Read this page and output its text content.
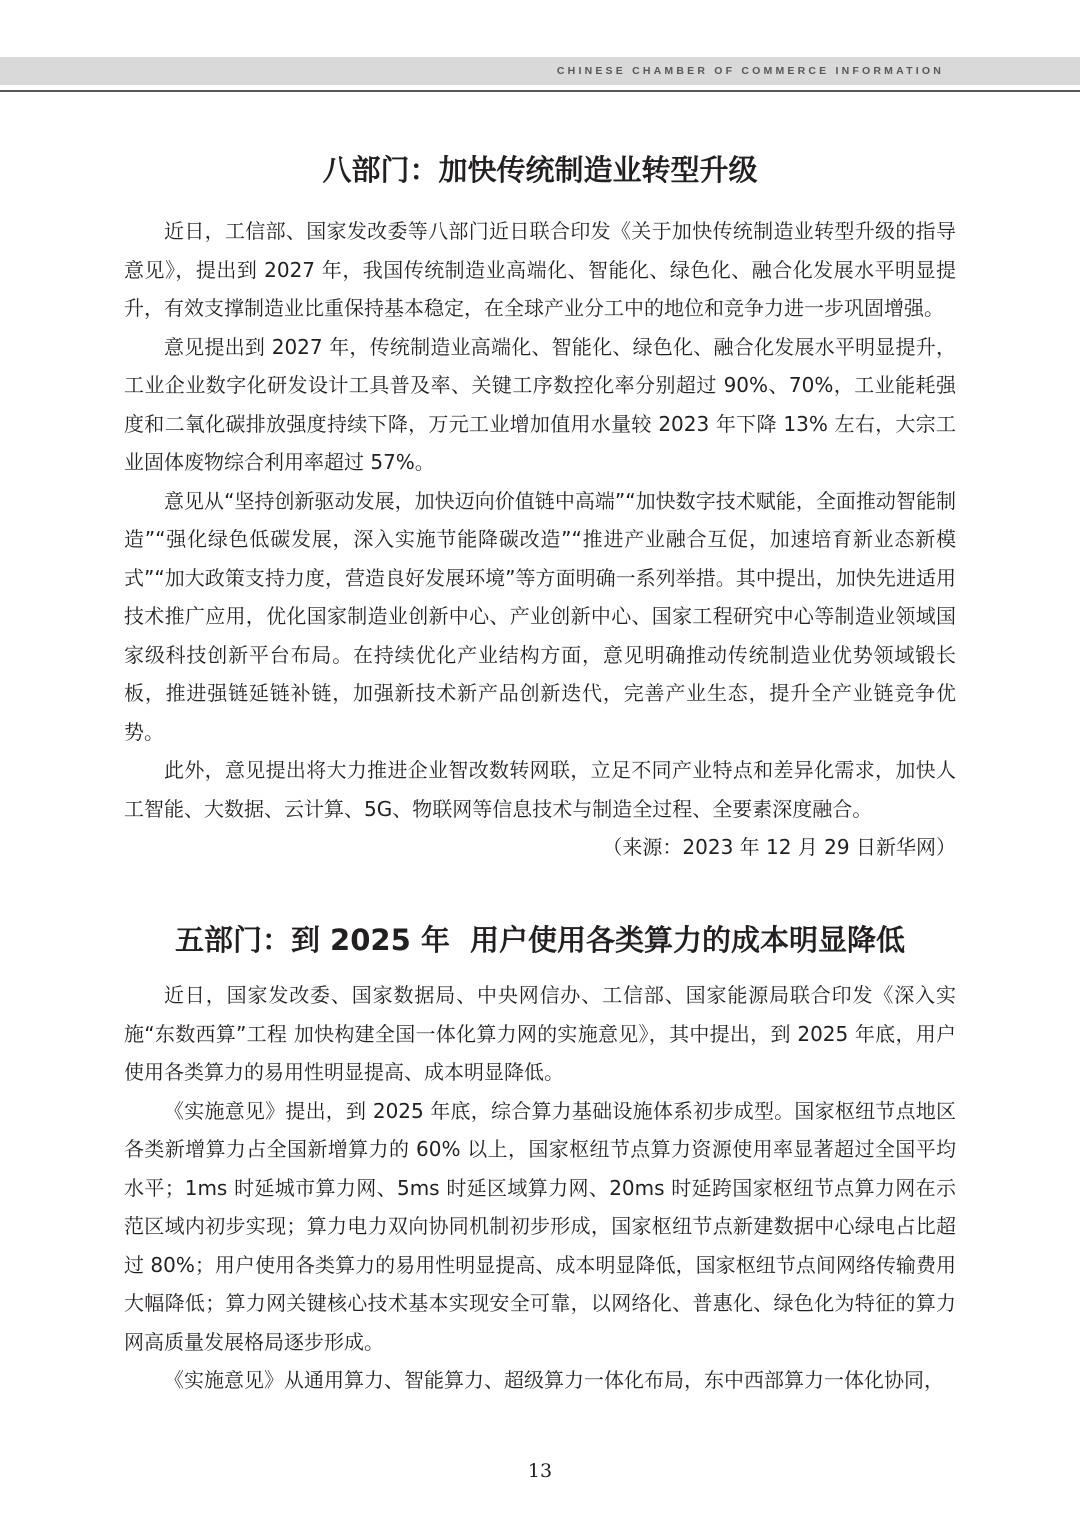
CHINESE CHAMBER OF COMMERCE INFORMATION
八部门：加快传统制造业转型升级

近日，工信部、国家发改委等八部门近日联合印发《关于加快传统制造业转型升级的指导意见》，提出到 2027 年，我国传统制造业高端化、智能化、绿色化、融合化发展水平明显提升，有效支撑制造业比重保持基本稳定，在全球产业分工中的地位和竞争力进一步巩固增强。

意见提出到 2027 年，传统制造业高端化、智能化、绿色化、融合化发展水平明显提升，工业企业数字化研发设计工具普及率、关键工序数控化率分别超过 90%、70%，工业能耗强度和二氧化碳排放强度持续下降，万元工业增加值用水量较 2023 年下降 13% 左右，大宗工业固体废物综合利用率超过 57%。

意见从“坚持创新驱动发展，加快迈向价值链中高端”“加快数字技术赋能，全面推动智能制造”“强化绿色低碳发展，深入实施节能降碳改造”“推进产业融合互促，加速培育新业态新模式”“加大政策支持力度，营造良好发展环境”等方面明确一系列举措。其中提出，加快先进适用技术推广应用，优化国家制造业创新中心、产业创新中心、国家工程研究中心等制造业领域国家级科技创新平台布局。在持续优化产业结构方面，意见明确推动传统制造业优势领域锻长板，推进强链延链补链，加强新技术新产品创新迭代，完善产业生态，提升全产业链竞争优势。

此外，意见提出将大力推进企业智改数转网联，立足不同产业特点和差异化需求，加快人工智能、大数据、云计算、5G、物联网等信息技术与制造全过程、全要素深度融合。

（来源：2023 年 12 月 29 日新华网）

五部门：到 2025 年  用户使用各类算力的成本明显降低

近日，国家发改委、国家数据局、中央网信办、工信部、国家能源局联合印发《深入实施“东数西算”工程 加快构建全国一体化算力网的实施意见》，其中提出，到 2025 年底，用户使用各类算力的易用性明显提高、成本明显降低。

《实施意见》提出，到 2025 年底，综合算力基础设施体系初步成型。国家枢纽节点地区各类新增算力占全国新增算力的 60% 以上，国家枢纽节点算力资源使用率显著超过全国平均水平；1ms 时延城市算力网、5ms 时延区域算力网、20ms 时延跨国家枢纽节点算力网在示范区域内初步实现；算力电力双向协同机制初步形成，国家枢纽节点新建数据中心绿电占比超过 80%；用户使用各类算力的易用性明显提高、成本明显降低，国家枢纽节点间网络传输费用大幅降低；算力网关键核心技术基本实现安全可靠，以网络化、普惠化、绿色化为特征的算力网高质量发展格局逐步形成。

《实施意见》从通用算力、智能算力、超级算力一体化布局，东中西部算力一体化协同，

13
